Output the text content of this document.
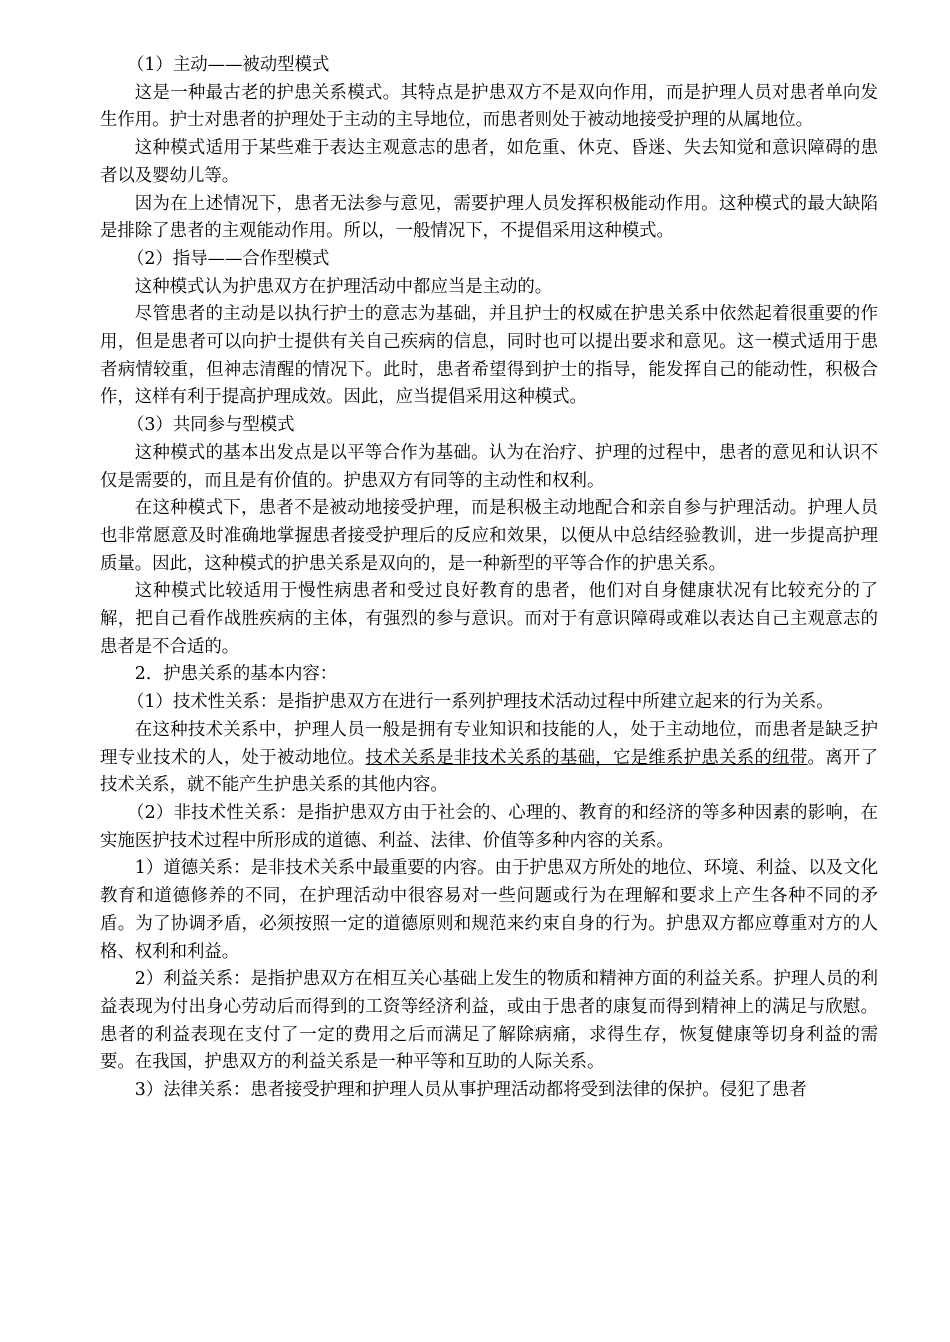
（1）主动——被动型模式

这是一种最古老的护患关系模式。其特点是护患双方不是双向作用，而是护理人员对患者单向发生作用。护士对患者的护理处于主动的主导地位，而患者则处于被动地接受护理的从属地位。

这种模式适用于某些难于表达主观意志的患者，如危重、休克、昏迷、失去知觉和意识障碍的患者以及婴幼儿等。

因为在上述情况下，患者无法参与意见，需要护理人员发挥积极能动作用。这种模式的最大缺陷是排除了患者的主观能动作用。所以，一般情况下，不提倡采用这种模式。

（2）指导——合作型模式

这种模式认为护患双方在护理活动中都应当是主动的。

尽管患者的主动是以执行护士的意志为基础，并且护士的权威在护患关系中依然起着很重要的作用，但是患者可以向护士提供有关自己疾病的信息，同时也可以提出要求和意见。这一模式适用于患者病情较重，但神志清醒的情况下。此时，患者希望得到护士的指导，能发挥自己的能动性，积极合作，这样有利于提高护理成效。因此，应当提倡采用这种模式。

（3）共同参与型模式

这种模式的基本出发点是以平等合作为基础。认为在治疗、护理的过程中，患者的意见和认识不仅是需要的，而且是有价值的。护患双方有同等的主动性和权利。

在这种模式下，患者不是被动地接受护理，而是积极主动地配合和亲自参与护理活动。护理人员也非常愿意及时准确地掌握患者接受护理后的反应和效果，以便从中总结经验教训，进一步提高护理质量。因此，这种模式的护患关系是双向的，是一种新型的平等合作的护患关系。

这种模式比较适用于慢性病患者和受过良好教育的患者，他们对自身健康状况有比较充分的了解，把自己看作战胜疾病的主体，有强烈的参与意识。而对于有意识障碍或难以表达自己主观意志的患者是不合适的。

2．护患关系的基本内容：

（1）技术性关系：是指护患双方在进行一系列护理技术活动过程中所建立起来的行为关系。

在这种技术关系中，护理人员一般是拥有专业知识和技能的人，处于主动地位，而患者是缺乏护理专业技术的人，处于被动地位。技术关系是非技术关系的基础，它是维系护患关系的纽带。离开了技术关系，就不能产生护患关系的其他内容。

（2）非技术性关系：是指护患双方由于社会的、心理的、教育的和经济的等多种因素的影响，在实施医护技术过程中所形成的道德、利益、法律、价值等多种内容的关系。

1）道德关系：是非技术关系中最重要的内容。由于护患双方所处的地位、环境、利益、以及文化教育和道德修养的不同，在护理活动中很容易对一些问题或行为在理解和要求上产生各种不同的矛盾。为了协调矛盾，必须按照一定的道德原则和规范来约束自身的行为。护患双方都应尊重对方的人格、权利和利益。

2）利益关系：是指护患双方在相互关心基础上发生的物质和精神方面的利益关系。护理人员的利益表现为付出身心劳动后而得到的工资等经济利益，或由于患者的康复而得到精神上的满足与欣慰。患者的利益表现在支付了一定的费用之后而满足了解除病痛，求得生存，恢复健康等切身利益的需要。在我国，护患双方的利益关系是一种平等和互助的人际关系。

3）法律关系：患者接受护理和护理人员从事护理活动都将受到法律的保护。侵犯了患者
